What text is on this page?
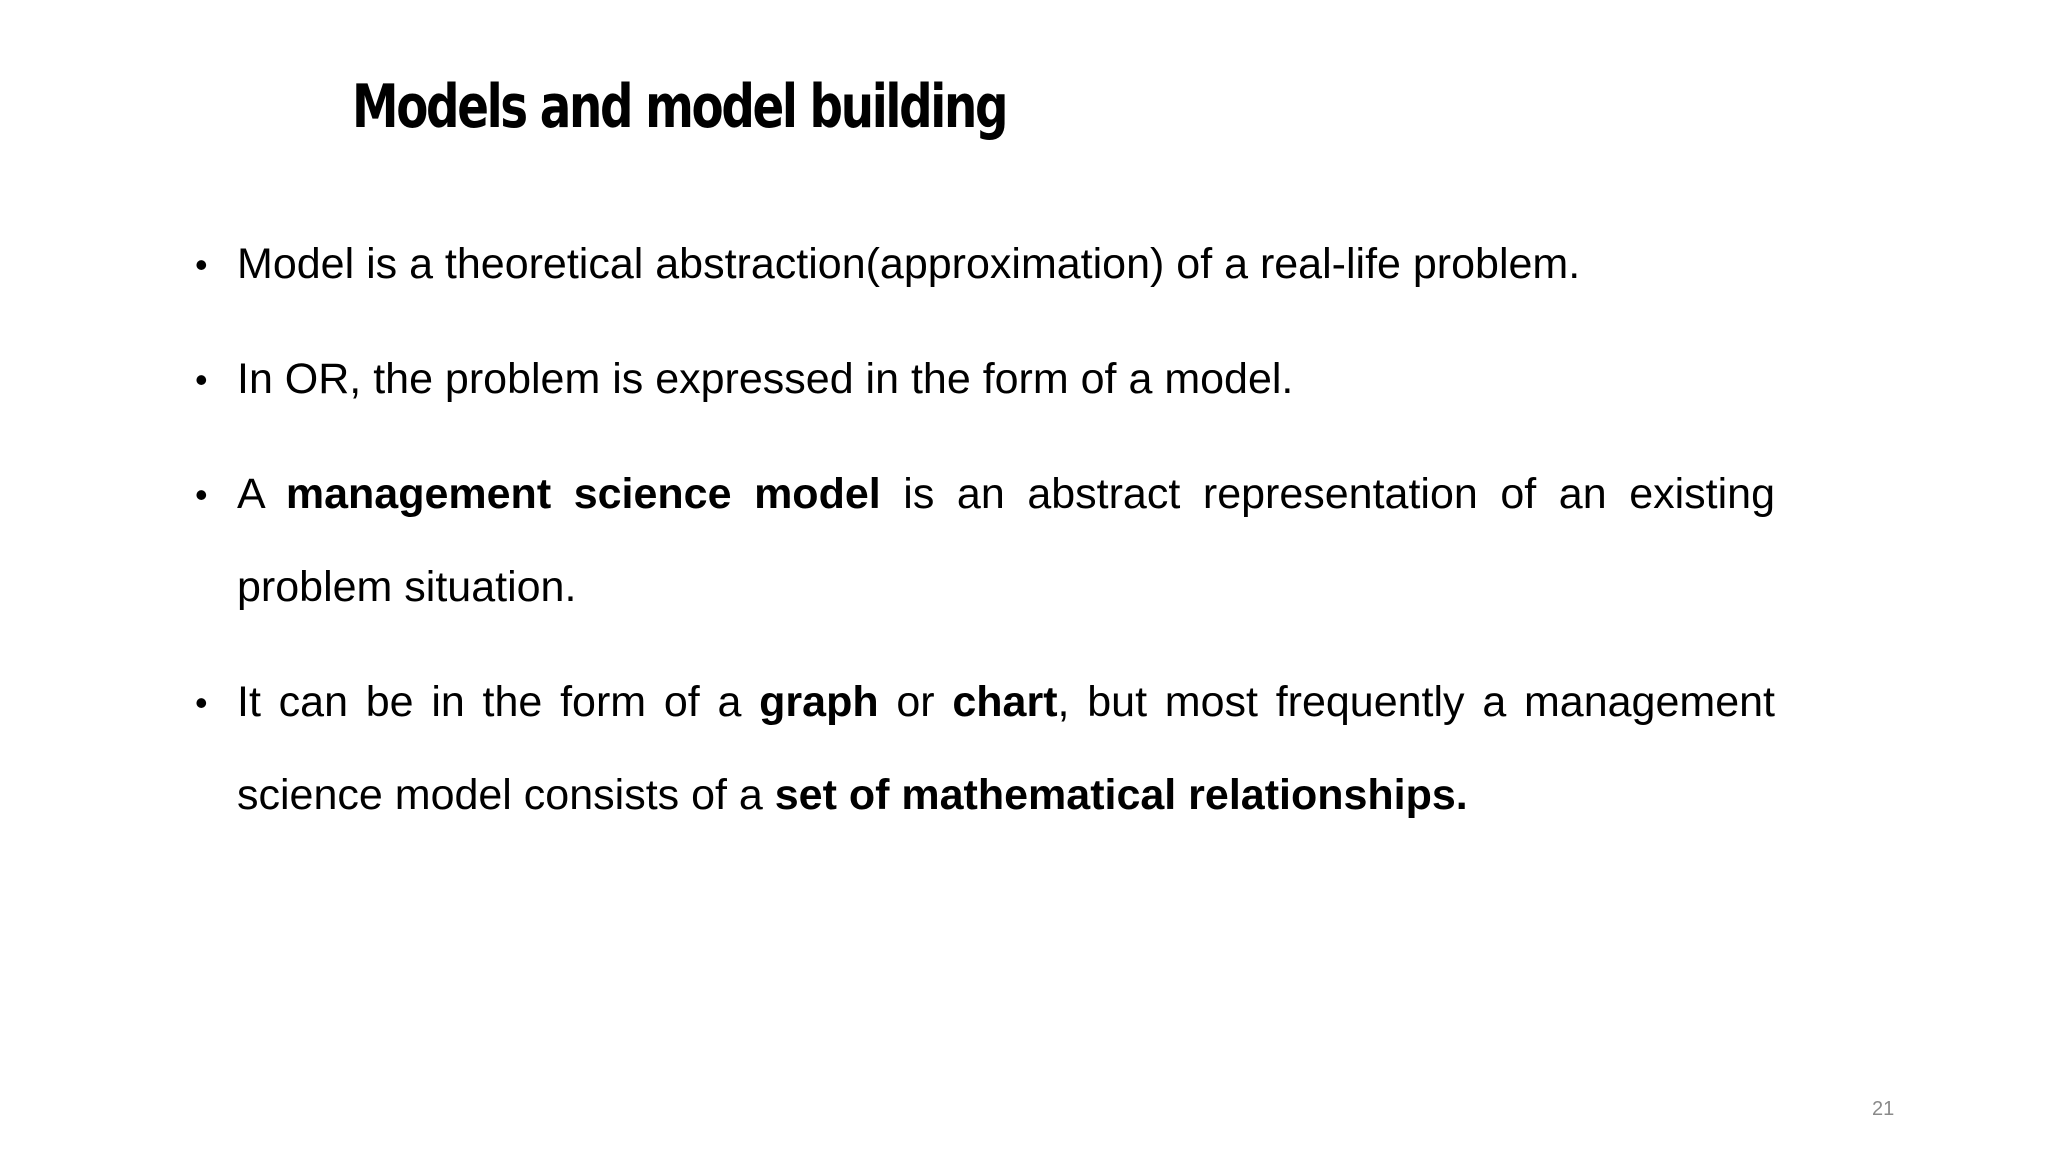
Models and model building
• Model is a theoretical abstraction(approximation) of a real-life problem.
• In OR, the problem is expressed in the form of a model.
• A management science model is an abstract representation of an existing problem situation.
• It can be in the form of a graph or chart, but most frequently a management science model consists of a set of mathematical relationships.
21
